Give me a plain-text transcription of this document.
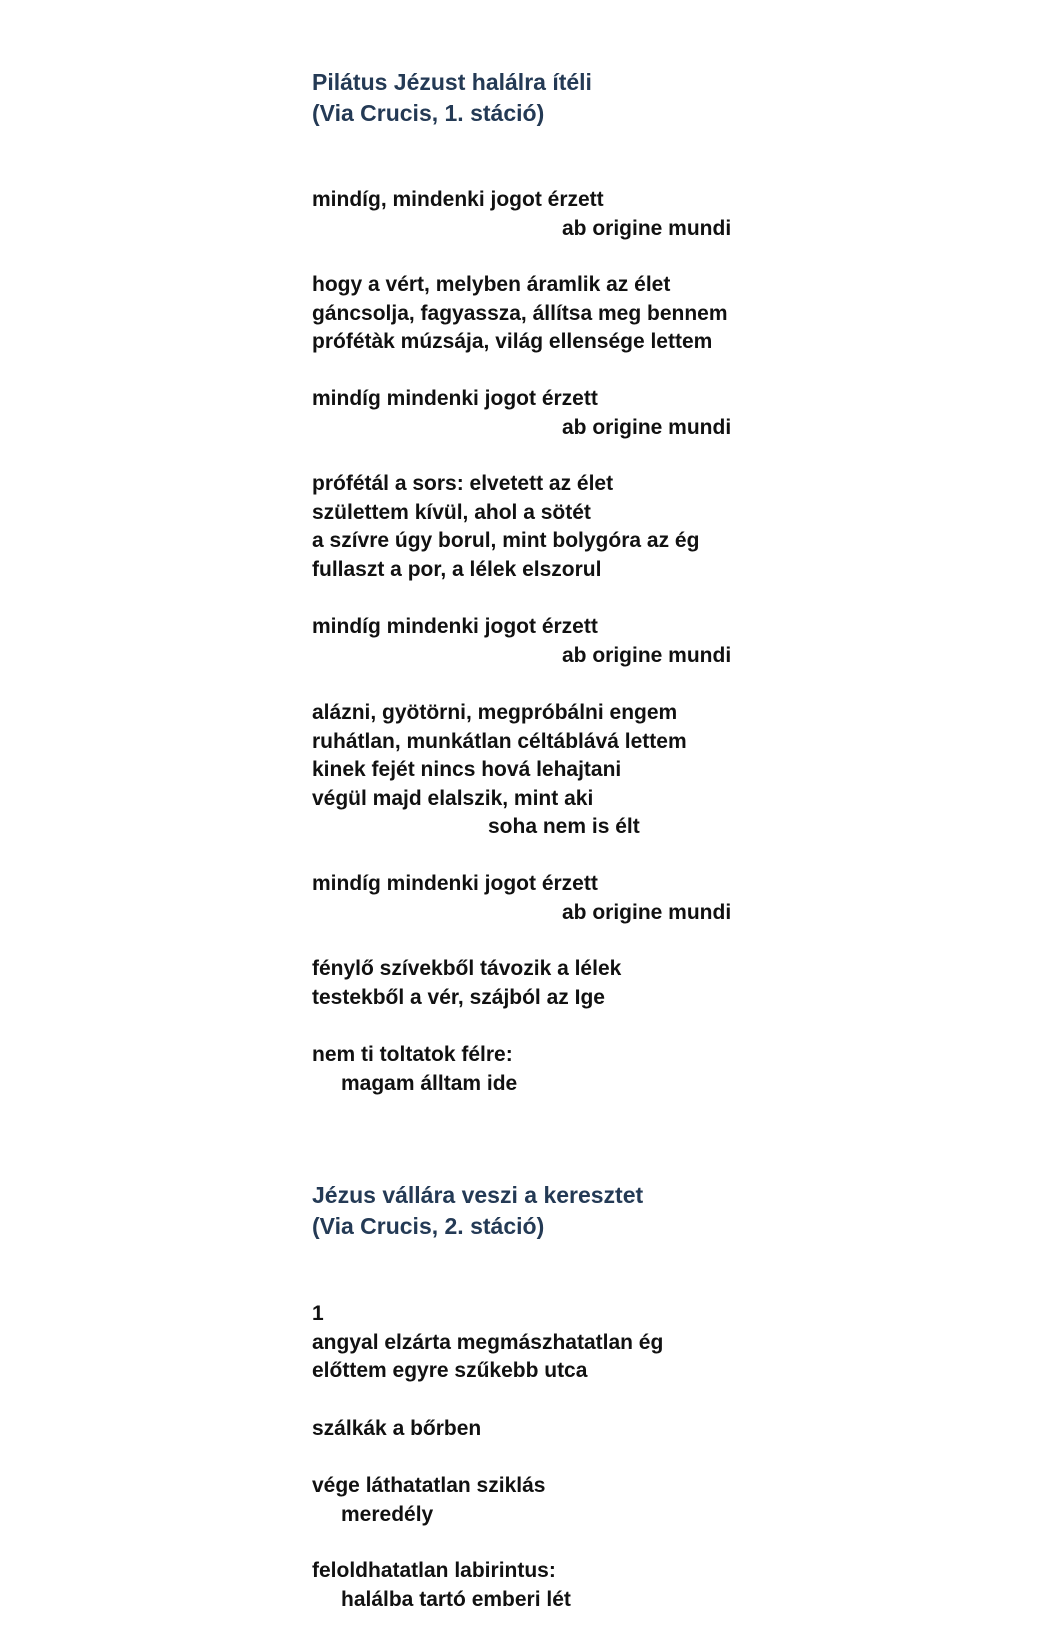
Pilátus Jézust halálra ítéli
(Via Crucis, 1. stáció)
mindíg, mindenki jogot érzett
ab origine mundi
hogy a vért, melyben áramlik az élet
gáncsolja, fagyassza, állítsa meg bennem
prófétàk múzsája, világ ellensége lettem
mindíg mindenki jogot érzett
ab origine mundi
prófétál a sors: elvetett az élet
születtem kívül, ahol a sötét
a szívre úgy borul, mint bolygóra az ég
fullaszt a por, a lélek elszorul
mindíg mindenki jogot érzett
ab origine mundi
alázni, gyötörni, megpróbálni engem
ruhátlan, munkátlan céltáblává lettem
kinek fejét nincs hová lehajtani
végül majd elalszik, mint aki
soha nem is élt
mindíg mindenki jogot érzett
ab origine mundi
fénylő szívekből távozik a lélek
testekből a vér, szájból az Ige
nem ti toltatok félre:
magam álltam ide
Jézus vállára veszi a keresztet
(Via Crucis, 2. stáció)
1
angyal elzárta megmászhatatlan ég
előttem egyre szűkebb utca
szálkák a bőrben
vége láthatatlan sziklás
meredély
feloldhatatlan labirintus:
halálba tartó emberi lét
